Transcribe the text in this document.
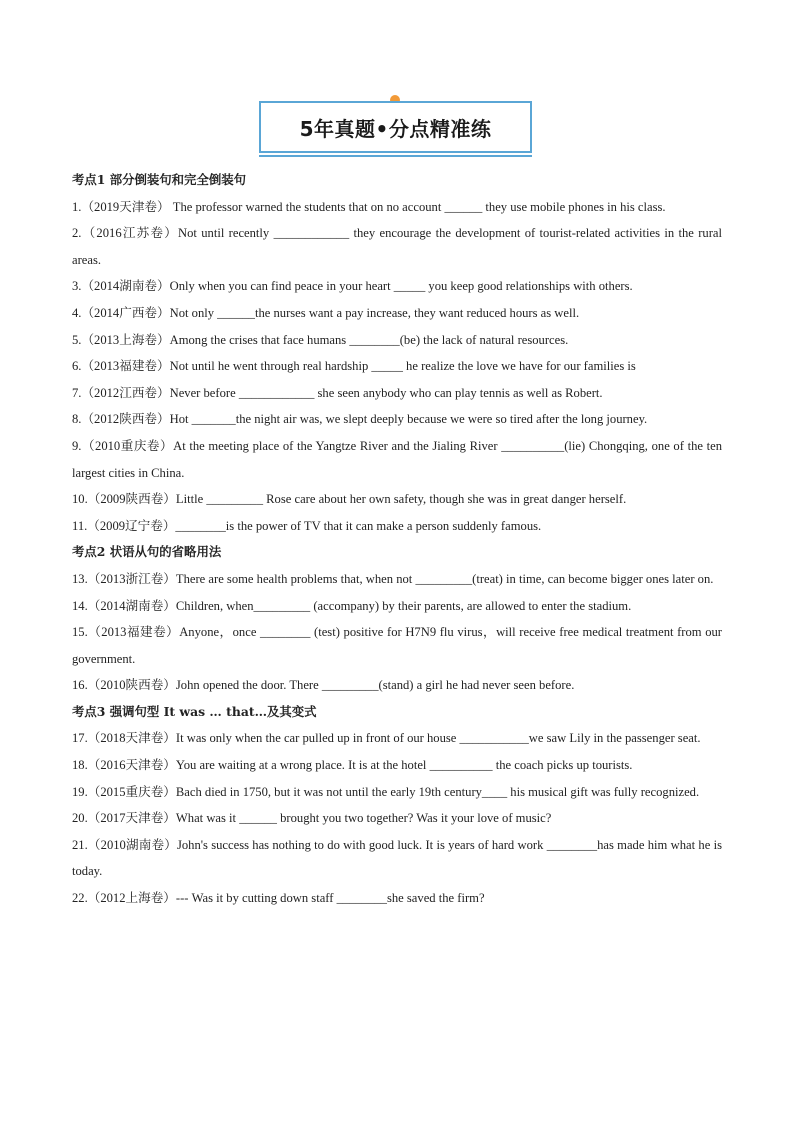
5年真题•分点精准练
考点1 部分倒装句和完全倒装句
1.（2019天津卷） The professor warned the students that on no account ______ they use mobile phones in his class.
2.（2016江苏卷）Not until recently ____________ they encourage the development of tourist-related activities in the rural areas.
3.（2014湖南卷）Only when you can find peace in your heart _____ you keep good relationships with others.
4.（2014广西卷）Not only ______the nurses want a pay increase, they want reduced hours as well.
5.（2013上海卷）Among the crises that face humans ________(be) the lack of natural resources.
6.（2013福建卷）Not until he went through real hardship _____ he realize the love we have for our families is
7.（2012江西卷）Never before ____________ she seen anybody who can play tennis as well as Robert.
8.（2012陕西卷）Hot _______the night air was, we slept deeply because we were so tired after the long journey.
9.（2010重庆卷）At the meeting place of the Yangtze River and the Jialing River __________(lie) Chongqing, one of the ten largest cities in China.
10.（2009陕西卷）Little _________ Rose care about her own safety, though she was in great danger herself.
11.（2009辽宁卷）________is the power of TV that it can make a person suddenly famous.
考点2 状语从句的省略用法
13.（2013浙江卷）There are some health problems that, when not _________(treat) in time, can become bigger ones later on.
14.（2014湖南卷）Children, when_________ (accompany) by their parents, are allowed to enter the stadium.
15.（2013福建卷）Anyone，once ________ (test) positive for H7N9 flu virus，will receive free medical treatment from our government.
16.（2010陕西卷）John opened the door. There _________(stand) a girl he had never seen before.
考点3 强调句型 It was … that…及其变式
17.（2018天津卷）It was only when the car pulled up in front of our house ___________we saw Lily in the passenger seat.
18.（2016天津卷）You are waiting at a wrong place. It is at the hotel __________ the coach picks up tourists.
19.（2015重庆卷）Bach died in 1750, but it was not until the early 19th century____ his musical gift was fully recognized.
20.（2017天津卷）What was it ______ brought you two together? Was it your love of music?
21.（2010湖南卷）John's success has nothing to do with good luck. It is years of hard work ________has made him what he is today.
22.（2012上海卷）--- Was it by cutting down staff ________she saved the firm?
